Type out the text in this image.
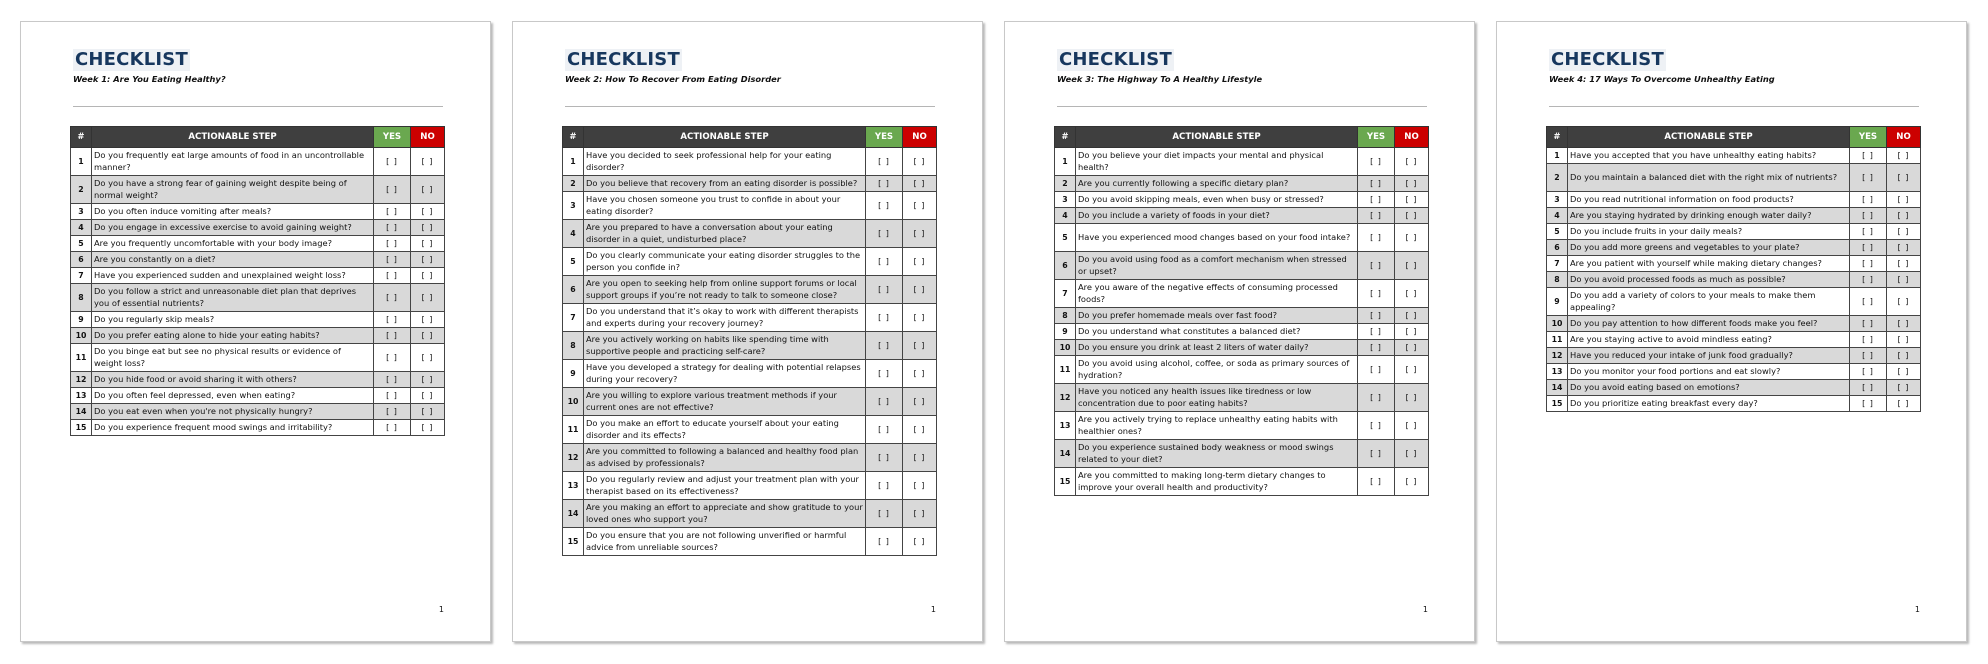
CHECKLIST
Week 1: Are You Eating Healthy?
#	ACTIONABLE STEP	YES	NO
1	Do you frequently eat large amounts of food in an uncontrollable manner?	[ ]	[ ]
2	Do you have a strong fear of gaining weight despite being of normal weight?	[ ]	[ ]
3	Do you often induce vomiting after meals?	[ ]	[ ]
4	Do you engage in excessive exercise to avoid gaining weight?	[ ]	[ ]
5	Are you frequently uncomfortable with your body image?	[ ]	[ ]
6	Are you constantly on a diet?	[ ]	[ ]
7	Have you experienced sudden and unexplained weight loss?	[ ]	[ ]
8	Do you follow a strict and unreasonable diet plan that deprives you of essential nutrients?	[ ]	[ ]
9	Do you regularly skip meals?	[ ]	[ ]
10	Do you prefer eating alone to hide your eating habits?	[ ]	[ ]
11	Do you binge eat but see no physical results or evidence of weight loss?	[ ]	[ ]
12	Do you hide food or avoid sharing it with others?	[ ]	[ ]
13	Do you often feel depressed, even when eating?	[ ]	[ ]
14	Do you eat even when you're not physically hungry?	[ ]	[ ]
15	Do you experience frequent mood swings and irritability?	[ ]	[ ]
1
CHECKLIST
Week 2: How To Recover From Eating Disorder
#	ACTIONABLE STEP	YES	NO
1	Have you decided to seek professional help for your eating disorder?	[ ]	[ ]
2	Do you believe that recovery from an eating disorder is possible?	[ ]	[ ]
3	Have you chosen someone you trust to confide in about your eating disorder?	[ ]	[ ]
4	Are you prepared to have a conversation about your eating disorder in a quiet, undisturbed place?	[ ]	[ ]
5	Do you clearly communicate your eating disorder struggles to the person you confide in?	[ ]	[ ]
6	Are you open to seeking help from online support forums or local support groups if you’re not ready to talk to someone close?	[ ]	[ ]
7	Do you understand that it’s okay to work with different therapists and experts during your recovery journey?	[ ]	[ ]
8	Are you actively working on habits like spending time with supportive people and practicing self-care?	[ ]	[ ]
9	Have you developed a strategy for dealing with potential relapses during your recovery?	[ ]	[ ]
10	Are you willing to explore various treatment methods if your current ones are not effective?	[ ]	[ ]
11	Do you make an effort to educate yourself about your eating disorder and its effects?	[ ]	[ ]
12	Are you committed to following a balanced and healthy food plan as advised by professionals?	[ ]	[ ]
13	Do you regularly review and adjust your treatment plan with your therapist based on its effectiveness?	[ ]	[ ]
14	Are you making an effort to appreciate and show gratitude to your loved ones who support you?	[ ]	[ ]
15	Do you ensure that you are not following unverified or harmful advice from unreliable sources?	[ ]	[ ]
1
CHECKLIST
Week 3: The Highway To A Healthy Lifestyle
#	ACTIONABLE STEP	YES	NO
1	Do you believe your diet impacts your mental and physical health?	[ ]	[ ]
2	Are you currently following a specific dietary plan?	[ ]	[ ]
3	Do you avoid skipping meals, even when busy or stressed?	[ ]	[ ]
4	Do you include a variety of foods in your diet?	[ ]	[ ]
5	Have you experienced mood changes based on your food intake?	[ ]	[ ]
6	Do you avoid using food as a comfort mechanism when stressed or upset?	[ ]	[ ]
7	Are you aware of the negative effects of consuming processed foods?	[ ]	[ ]
8	Do you prefer homemade meals over fast food?	[ ]	[ ]
9	Do you understand what constitutes a balanced diet?	[ ]	[ ]
10	Do you ensure you drink at least 2 liters of water daily?	[ ]	[ ]
11	Do you avoid using alcohol, coffee, or soda as primary sources of hydration?	[ ]	[ ]
12	Have you noticed any health issues like tiredness or low concentration due to poor eating habits?	[ ]	[ ]
13	Are you actively trying to replace unhealthy eating habits with healthier ones?	[ ]	[ ]
14	Do you experience sustained body weakness or mood swings related to your diet?	[ ]	[ ]
15	Are you committed to making long-term dietary changes to improve your overall health and productivity?	[ ]	[ ]
1
CHECKLIST
Week 4: 17 Ways To Overcome Unhealthy Eating
#	ACTIONABLE STEP	YES	NO
1	Have you accepted that you have unhealthy eating habits?	[ ]	[ ]
2	Do you maintain a balanced diet with the right mix of nutrients?	[ ]	[ ]
3	Do you read nutritional information on food products?	[ ]	[ ]
4	Are you staying hydrated by drinking enough water daily?	[ ]	[ ]
5	Do you include fruits in your daily meals?	[ ]	[ ]
6	Do you add more greens and vegetables to your plate?	[ ]	[ ]
7	Are you patient with yourself while making dietary changes?	[ ]	[ ]
8	Do you avoid processed foods as much as possible?	[ ]	[ ]
9	Do you add a variety of colors to your meals to make them appealing?	[ ]	[ ]
10	Do you pay attention to how different foods make you feel?	[ ]	[ ]
11	Are you staying active to avoid mindless eating?	[ ]	[ ]
12	Have you reduced your intake of junk food gradually?	[ ]	[ ]
13	Do you monitor your food portions and eat slowly?	[ ]	[ ]
14	Do you avoid eating based on emotions?	[ ]	[ ]
15	Do you prioritize eating breakfast every day?	[ ]	[ ]
1
